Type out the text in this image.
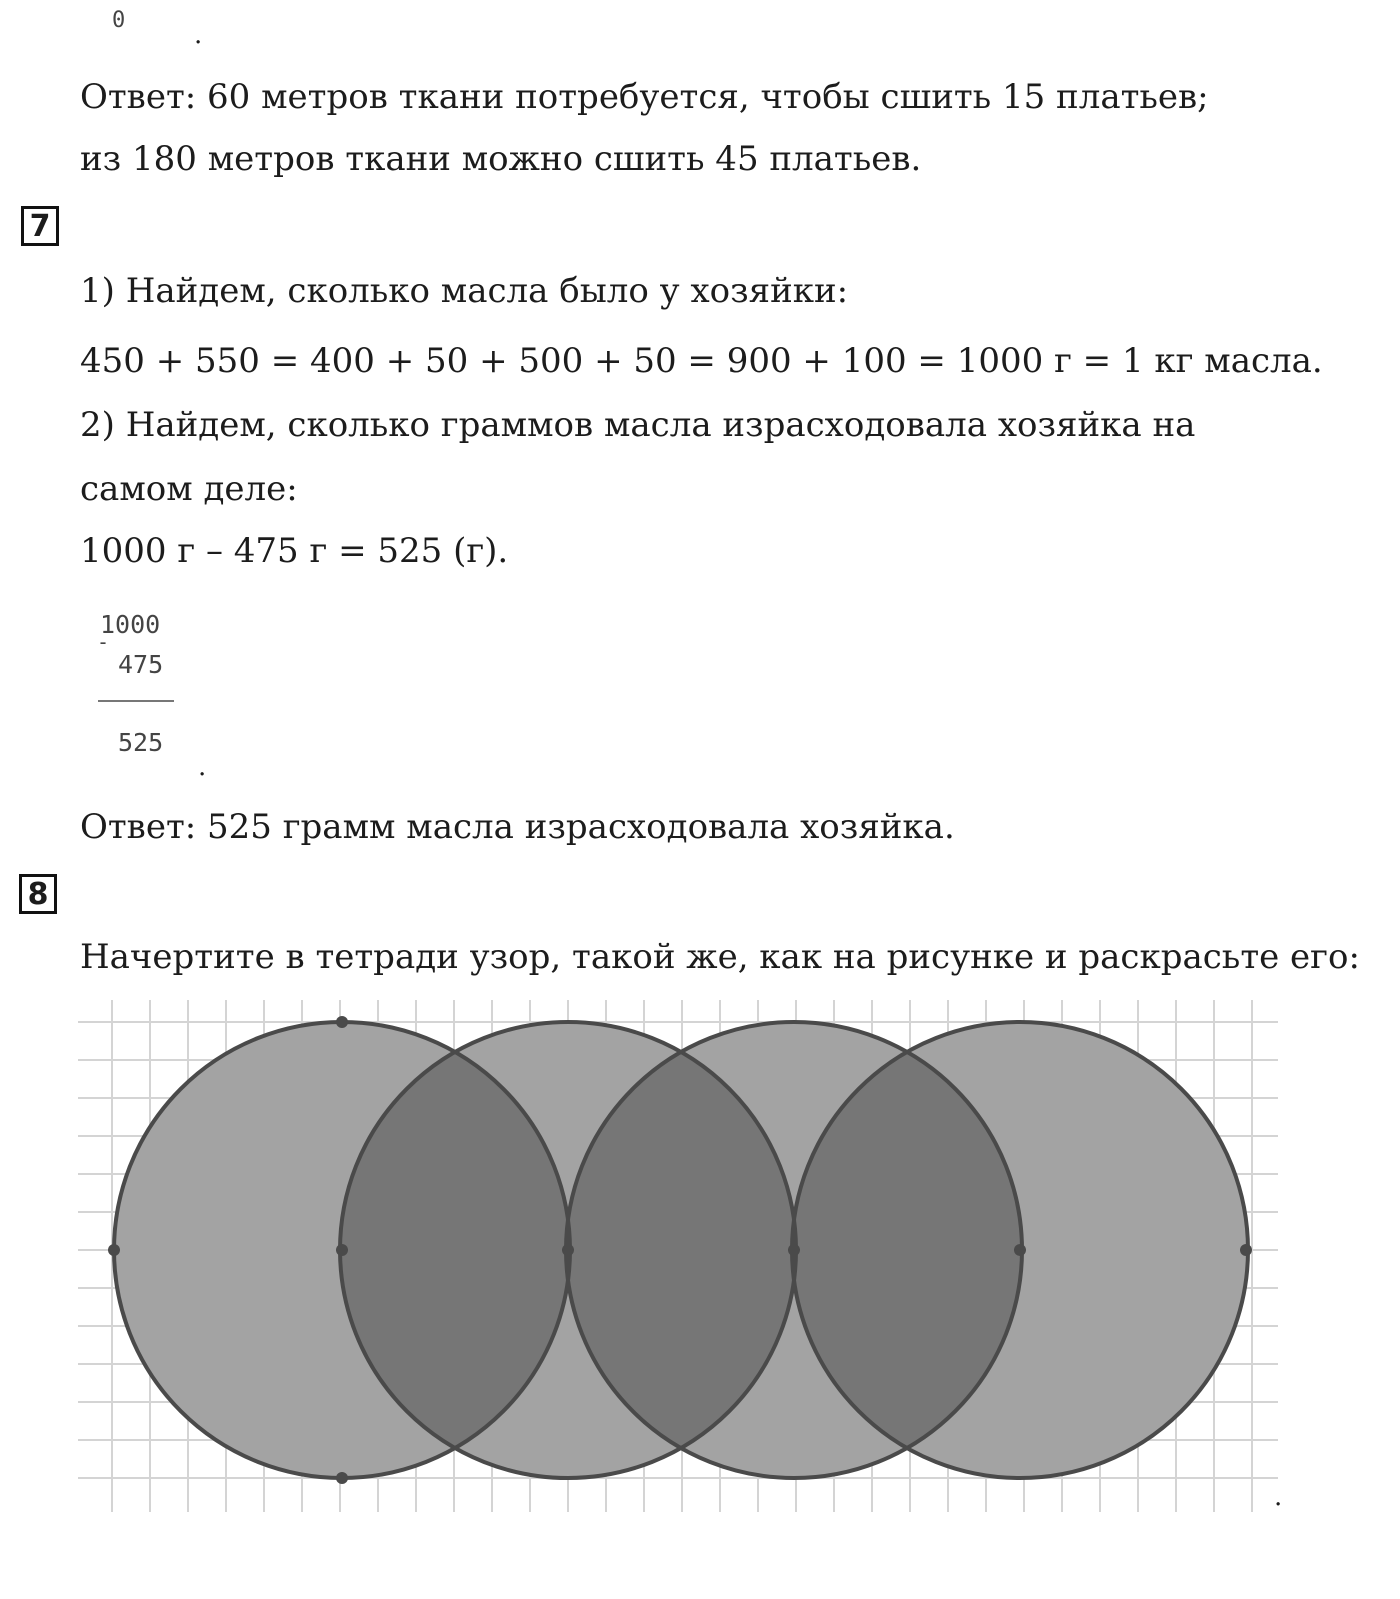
0	.
Ответ: 60 метров ткани потребуется, чтобы сшить 15 платьев;
из 180 метров ткани можно сшить 45 платьев.
7
1) Найдем, сколько масла было у хозяйки:
450 + 550 = 400 + 50 + 500 + 50 = 900 + 100 = 1000 г = 1 кг масла.
2) Найдем, сколько граммов масла израсходовала хозяйка на
самом деле:
1000 г – 475 г = 525 (г).
1000
-
475
525
.
Ответ: 525 грамм масла израсходовала хозяйка.
8
Начертите в тетради узор, такой же, как на рисунке и раскрасьте его:
.
